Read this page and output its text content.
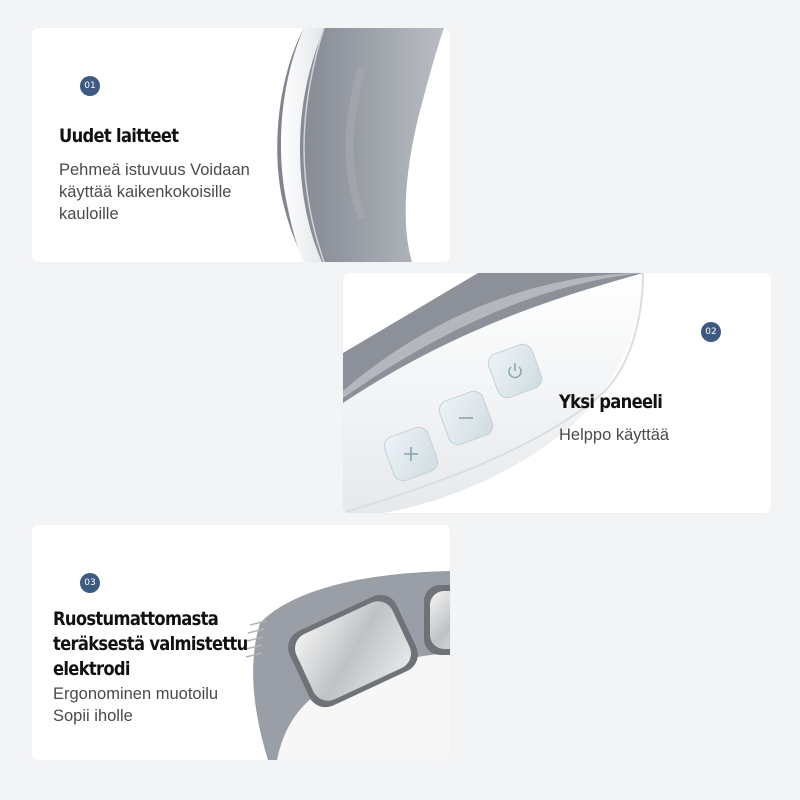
01
Uudet laitteet
Pehmeä istuvuus Voidaan
käyttää kaikenkokoisille
kauloille
02
Yksi paneeli
Helppo käyttää
03
Ruostumattomasta
teräksestä valmistettu
elektrodi
Ergonominen muotoilu
Sopii iholle
